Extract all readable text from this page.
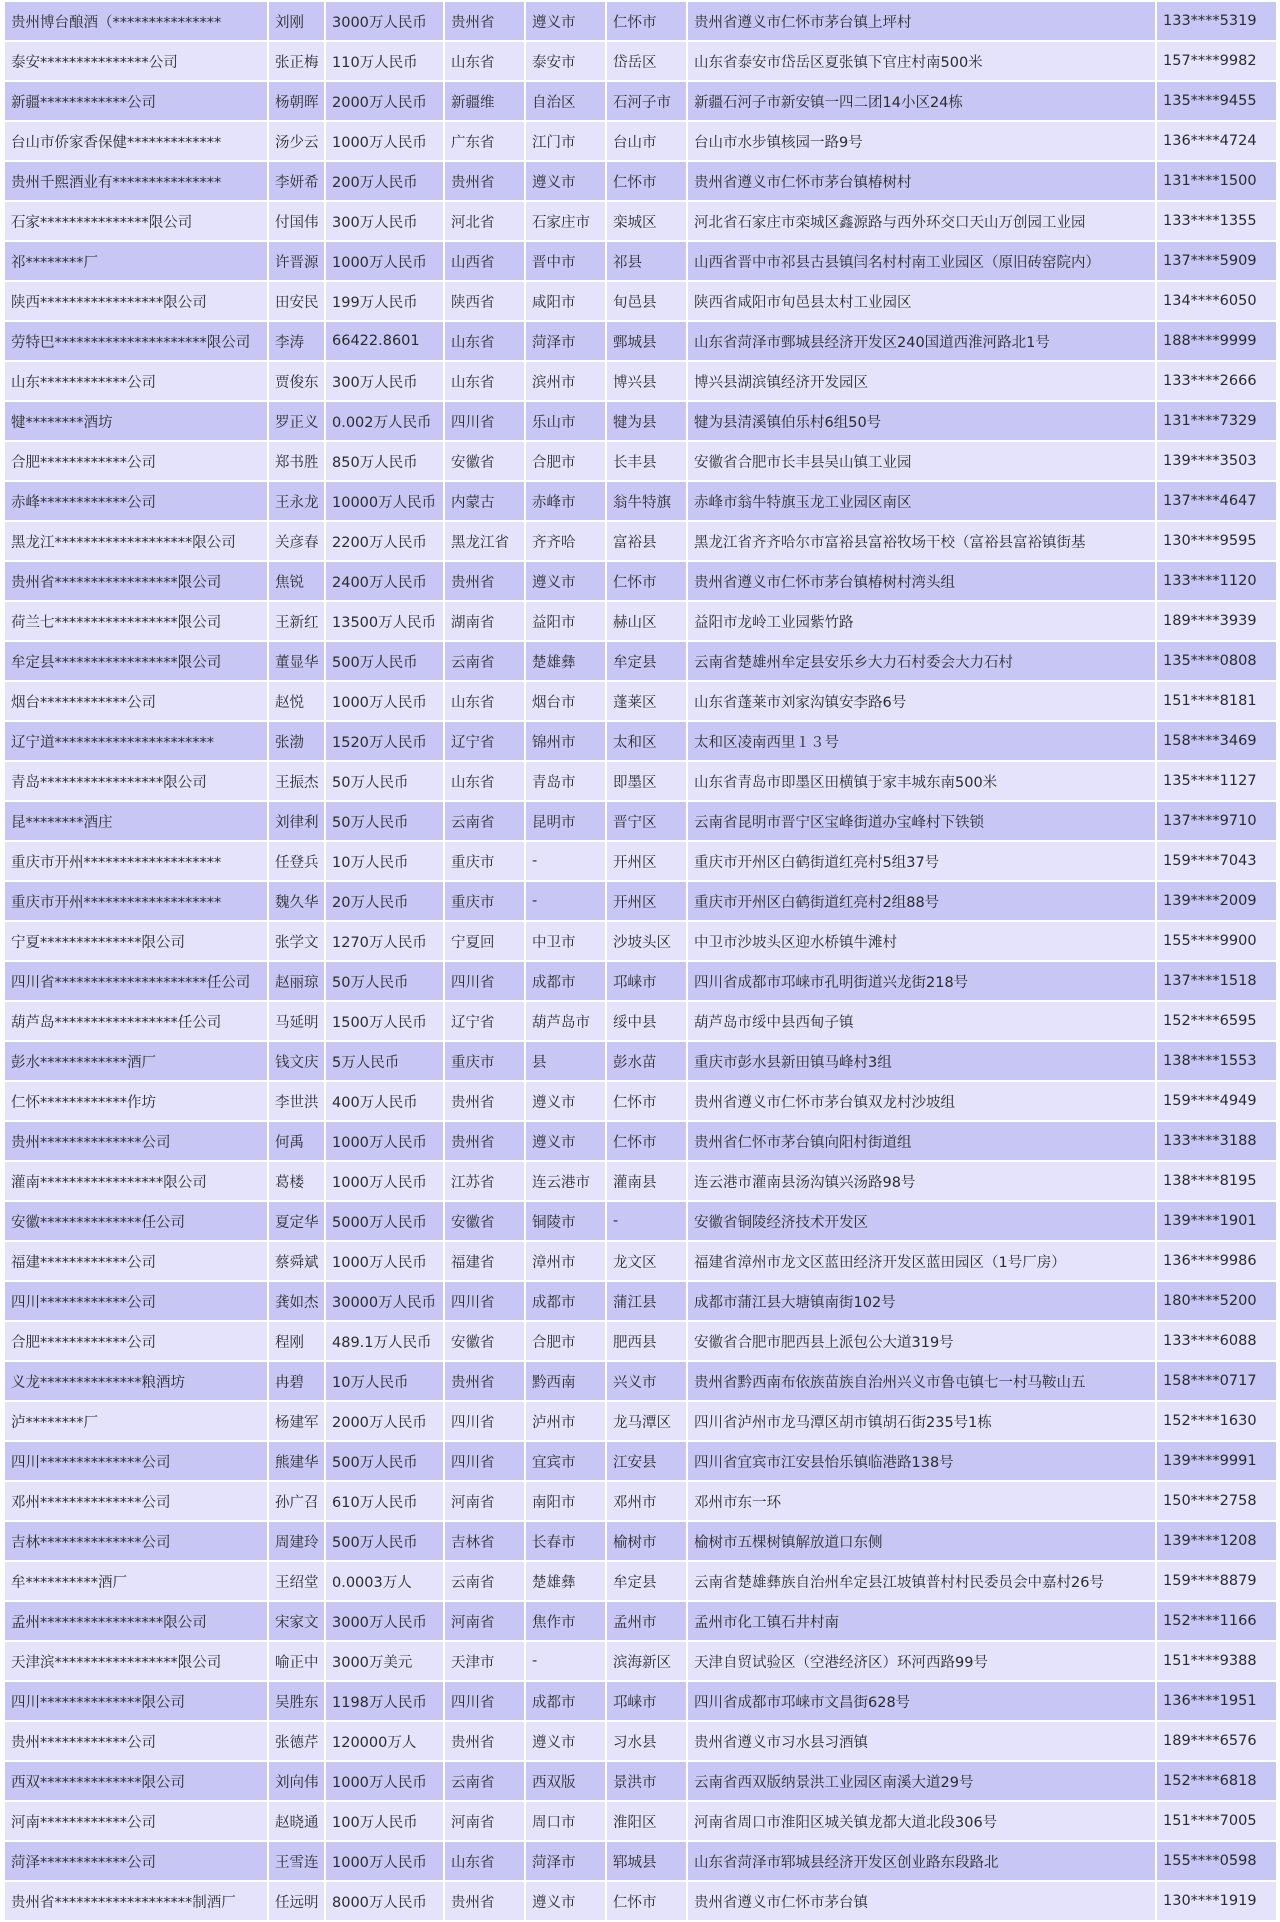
贵州博台酿酒（***************	刘刚	3000万人民币	贵州省	遵义市	仁怀市	贵州省遵义市仁怀市茅台镇上坪村	133****5319
泰安***************公司	张正梅	110万人民币	山东省	泰安市	岱岳区	山东省泰安市岱岳区夏张镇下官庄村南500米	157****9982
新疆************公司	杨朝晖	2000万人民币	新疆维	自治区	石河子市	新疆石河子市新安镇一四二团14小区24栋	135****9455
台山市侨家香保健*************	汤少云	1000万人民币	广东省	江门市	台山市	台山市水步镇核园一路9号	136****4724
贵州千熙酒业有***************	李妍希	200万人民币	贵州省	遵义市	仁怀市	贵州省遵义市仁怀市茅台镇椿树村	131****1500
石家***************限公司	付国伟	300万人民币	河北省	石家庄市	栾城区	河北省石家庄市栾城区鑫源路与西外环交口天山万创园工业园	133****1355
祁********厂	许晋源	1000万人民币	山西省	晋中市	祁县	山西省晋中市祁县古县镇闫名村村南工业园区（原旧砖窑院内）	137****5909
陕西*****************限公司	田安民	199万人民币	陕西省	咸阳市	旬邑县	陕西省咸阳市旬邑县太村工业园区	134****6050
劳特巴*********************限公司	李涛	66422.8601	山东省	菏泽市	鄄城县	山东省菏泽市鄄城县经济开发区240国道西淮河路北1号	188****9999
山东************公司	贾俊东	300万人民币	山东省	滨州市	博兴县	博兴县湖滨镇经济开发园区	133****2666
犍********酒坊	罗正义	0.002万人民币	四川省	乐山市	犍为县	犍为县清溪镇伯乐村6组50号	131****7329
合肥************公司	郑书胜	850万人民币	安徽省	合肥市	长丰县	安徽省合肥市长丰县吴山镇工业园	139****3503
赤峰************公司	王永龙	10000万人民币	内蒙古	赤峰市	翁牛特旗	赤峰市翁牛特旗玉龙工业园区南区	137****4647
黑龙江*******************限公司	关彦春	2200万人民币	黑龙江省	齐齐哈	富裕县	黑龙江省齐齐哈尔市富裕县富裕牧场干校（富裕县富裕镇街基	130****9595
贵州省*****************限公司	焦锐	2400万人民币	贵州省	遵义市	仁怀市	贵州省遵义市仁怀市茅台镇椿树村湾头组	133****1120
荷兰七*****************限公司	王新红	13500万人民币	湖南省	益阳市	赫山区	益阳市龙岭工业园紫竹路	189****3939
牟定县*****************限公司	董显华	500万人民币	云南省	楚雄彝	牟定县	云南省楚雄州牟定县安乐乡大力石村委会大力石村	135****0808
烟台************公司	赵悦	1000万人民币	山东省	烟台市	蓬莱区	山东省蓬莱市刘家沟镇安李路6号	151****8181
辽宁道**********************	张渤	1520万人民币	辽宁省	锦州市	太和区	太和区凌南西里１３号	158****3469
青岛*****************限公司	王振杰	50万人民币	山东省	青岛市	即墨区	山东省青岛市即墨区田横镇于家丰城东南500米	135****1127
昆********酒庄	刘律利	50万人民币	云南省	昆明市	晋宁区	云南省昆明市晋宁区宝峰街道办宝峰村下铁锁	137****9710
重庆市开州*******************	任登兵	10万人民币	重庆市	-	开州区	重庆市开州区白鹤街道红亮村5组37号	159****7043
重庆市开州*******************	魏久华	20万人民币	重庆市	-	开州区	重庆市开州区白鹤街道红亮村2组88号	139****2009
宁夏**************限公司	张学文	1270万人民币	宁夏回	中卫市	沙坡头区	中卫市沙坡头区迎水桥镇牛滩村	155****9900
四川省*********************任公司	赵丽琼	50万人民币	四川省	成都市	邛崃市	四川省成都市邛崃市孔明街道兴龙街218号	137****1518
葫芦岛*****************任公司	马延明	1500万人民币	辽宁省	葫芦岛市	绥中县	葫芦岛市绥中县西甸子镇	152****6595
彭水************酒厂	钱文庆	5万人民币	重庆市	县	彭水苗	重庆市彭水县新田镇马峰村3组	138****1553
仁怀************作坊	李世洪	400万人民币	贵州省	遵义市	仁怀市	贵州省遵义市仁怀市茅台镇双龙村沙坡组	159****4949
贵州**************公司	何禹	1000万人民币	贵州省	遵义市	仁怀市	贵州省仁怀市茅台镇向阳村街道组	133****3188
灌南*****************限公司	葛楼	1000万人民币	江苏省	连云港市	灌南县	连云港市灌南县汤沟镇兴汤路98号	138****8195
安徽**************任公司	夏定华	5000万人民币	安徽省	铜陵市	-	安徽省铜陵经济技术开发区	139****1901
福建************公司	蔡舜斌	1000万人民币	福建省	漳州市	龙文区	福建省漳州市龙文区蓝田经济开发区蓝田园区（1号厂房）	136****9986
四川************公司	龚如杰	30000万人民币	四川省	成都市	蒲江县	成都市蒲江县大塘镇南街102号	180****5200
合肥************公司	程刚	489.1万人民币	安徽省	合肥市	肥西县	安徽省合肥市肥西县上派包公大道319号	133****6088
义龙**************粮酒坊	冉碧	10万人民币	贵州省	黔西南	兴义市	贵州省黔西南布依族苗族自治州兴义市鲁屯镇七一村马鞍山五	158****0717
泸********厂	杨建军	2000万人民币	四川省	泸州市	龙马潭区	四川省泸州市龙马潭区胡市镇胡石街235号1栋	152****1630
四川**************公司	熊建华	500万人民币	四川省	宜宾市	江安县	四川省宜宾市江安县怡乐镇临港路138号	139****9991
邓州**************公司	孙广召	610万人民币	河南省	南阳市	邓州市	邓州市东一环	150****2758
吉林**************公司	周建玲	500万人民币	吉林省	长春市	榆树市	榆树市五棵树镇解放道口东侧	139****1208
牟**********酒厂	王绍堂	0.0003万人	云南省	楚雄彝	牟定县	云南省楚雄彝族自治州牟定县江坡镇普村村民委员会中嘉村26号	159****8879
孟州*****************限公司	宋家文	3000万人民币	河南省	焦作市	孟州市	孟州市化工镇石井村南	152****1166
天津滨*****************限公司	喻正中	3000万美元	天津市	-	滨海新区	天津自贸试验区（空港经济区）环河西路99号	151****9388
四川**************限公司	吴胜东	1198万人民币	四川省	成都市	邛崃市	四川省成都市邛崃市文昌街628号	136****1951
贵州************公司	张德芹	120000万人	贵州省	遵义市	习水县	贵州省遵义市习水县习酒镇	189****6576
西双**************限公司	刘向伟	1000万人民币	云南省	西双版	景洪市	云南省西双版纳景洪工业园区南溪大道29号	152****6818
河南************公司	赵晓通	100万人民币	河南省	周口市	淮阳区	河南省周口市淮阳区城关镇龙都大道北段306号	151****7005
菏泽************公司	王雪连	1000万人民币	山东省	菏泽市	郓城县	山东省菏泽市郓城县经济开发区创业路东段路北	155****0598
贵州省*******************制酒厂	任远明	8000万人民币	贵州省	遵义市	仁怀市	贵州省遵义市仁怀市茅台镇	130****1919
